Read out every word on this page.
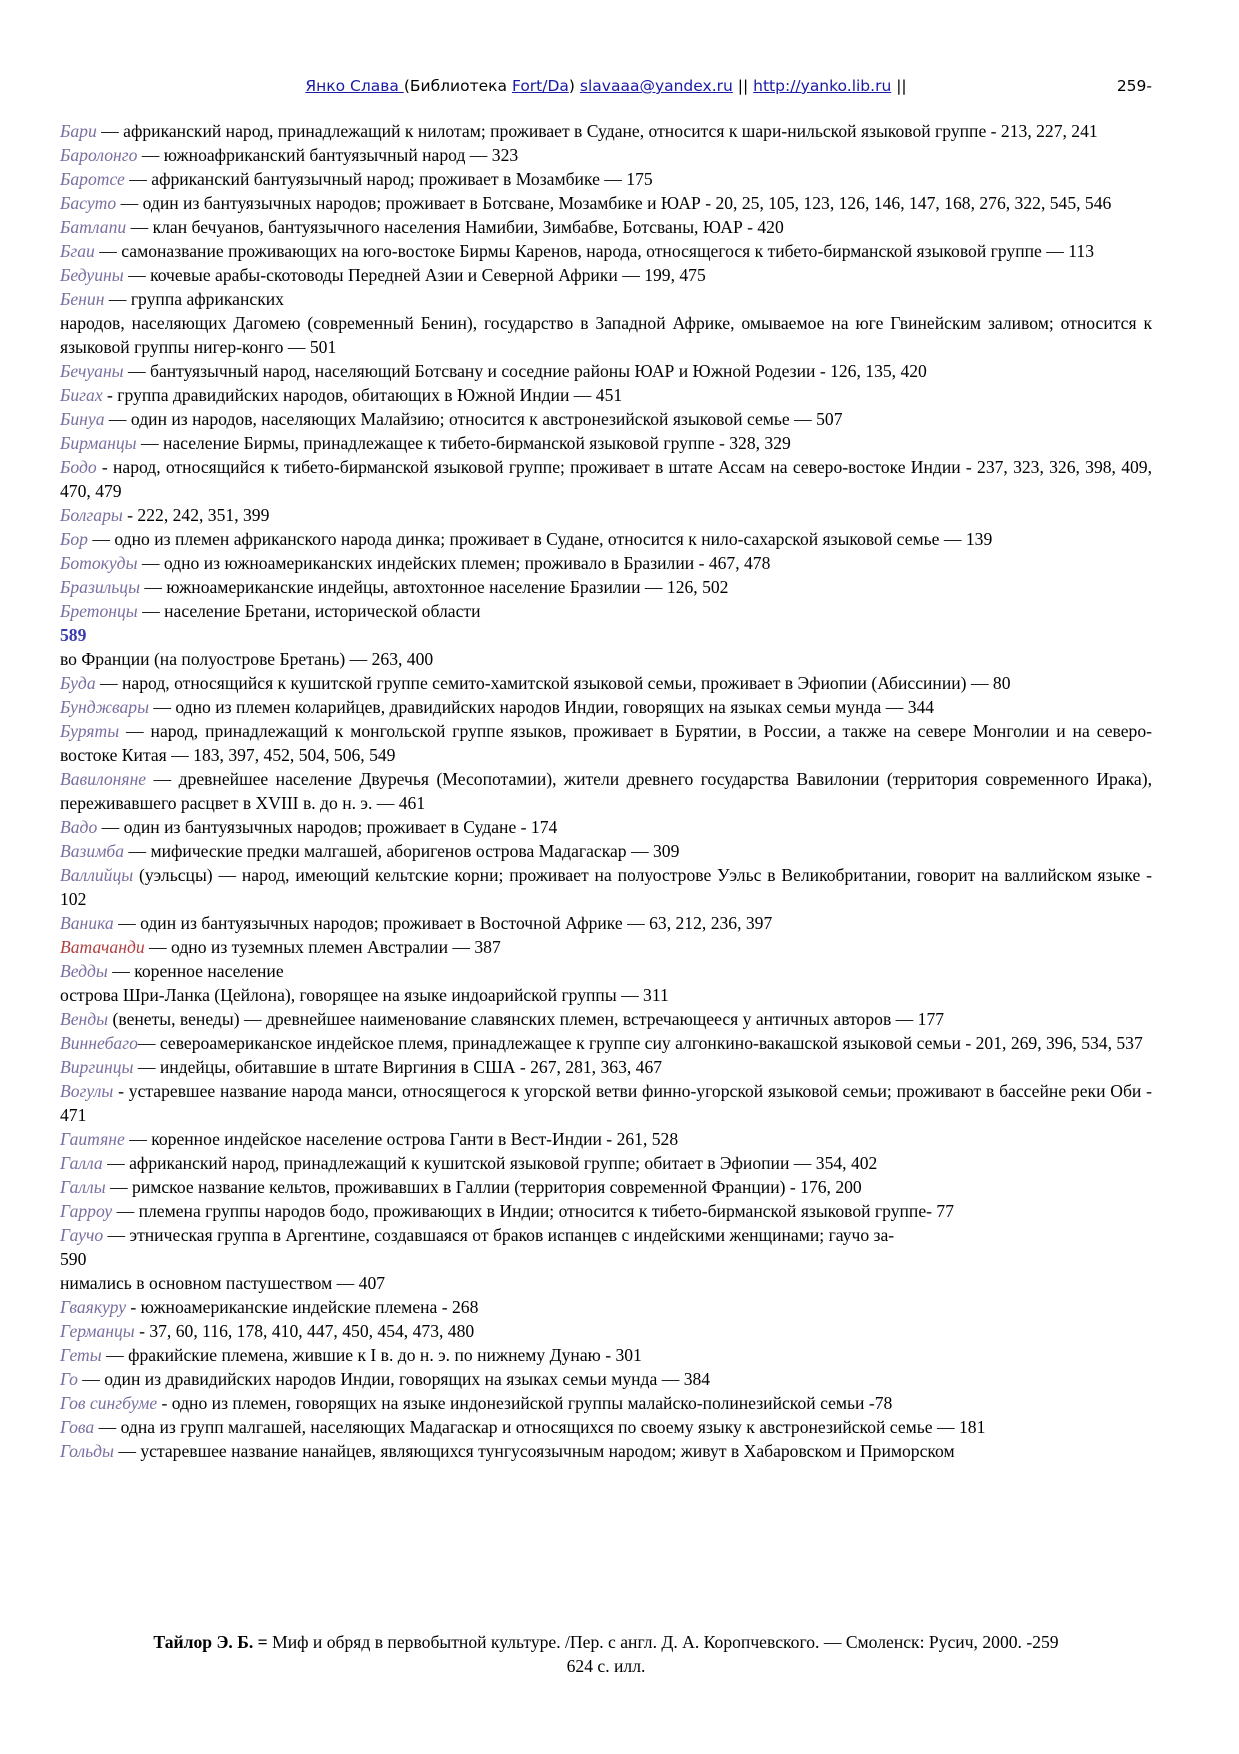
Янко Слава (Библиотека Fort/Da) slavaaa@yandex.ru || http://yanko.lib.ru ||	259-

Бари — африканский народ, принадлежащий к нилотам; проживает в Судане, относится к шари-нильской языковой группе - 213, 227, 241

Баролонго — южноафриканский бантуязычный народ — 323

Баротсе — африканский бантуязычный народ; проживает в Мозамбике — 175

Басуто — один из бантуязычных народов; проживает в Ботсване, Мозамбике и ЮАР - 20, 25, 105, 123, 126, 146, 147, 168, 276, 322, 545, 546

Батлапи — клан бечуанов, бантуязычного населения Намибии, Зимбабве, Ботсваны, ЮАР - 420

Бгаи — самоназвание проживающих на юго-востоке Бирмы Кaренов, народа, относящегося к тибето-бирманской языковой группе — 113

Бедуины — кочевые арабы-скотоводы Передней Азии и Северной Африки — 199, 475

Бенин — группа африканских

народов, населяющих Дагомею (современный Бенин), государство в Западной Африке, омываемое на юге Гвинейским заливом; относится к языковой группы нигер-конго — 501

Бечуаны — бантуязычный народ, населяющий Ботсвану и соседние районы ЮАР и Южной Родезии - 126, 135, 420

Бигах - группа дравидийских народов, обитающих в Южной Индии — 451

Бинуа — один из народов, населяющих Малайзию; относится к австронезийской языковой семье — 507

Бирманцы — население Бирмы, принадлежащее к тибето-бирманской языковой группе - 328, 329

Бодо - народ, относящийся к тибето-бирманской языковой группе; проживает в штате Ассам на северо-востоке Индии - 237, 323, 326, 398, 409, 470, 479

Болгары - 222, 242, 351, 399

Бор — одно из племен африканского народа динка; проживает в Судане, относится к нило-сахарской языковой семье — 139

Ботокуды — одно из южноамериканских индейских племен; проживало в Бразилии - 467, 478

Бразильцы — южноамериканские индейцы, автохтонное население Бразилии — 126, 502

Бретонцы — население Бретани, исторической области

589

во Франции (на полуострове Бретань) — 263, 400

Буда — народ, относящийся к кушитской группе семито-хамитской языковой семьи, проживает в Эфиопии (Абиссинии) — 80

Бунджвары — одно из племен коларийцев, дравидийских народов Индии, говорящих на языках семьи мунда — 344

Буряты — народ, принадлежащий к монгольской группе языков, проживает в Бурятии, в России, а также на севере Монголии и на северо-востоке Китая — 183, 397, 452, 504, 506, 549

Вавилоняне — древнейшее население Двуречья (Месопотамии), жители древнего государства Вавилонии (территория современного Ирака), переживавшего расцвет в XVIII в. до н. э. — 461

Вадо — один из бантуязычных народов; проживает в Судане - 174

Вазимба — мифические предки малгашей, аборигенов острова Мадагаскар — 309

Валлийцы (уэльсцы) — народ, имеющий кельтские корни; проживает на полуострове Уэльс в Великобритании, говорит на валлийском языке - 102

Ваника — один из бантуязычных народов; проживает в Восточной Африке — 63, 212, 236, 397

Ватачанди — одно из туземных племен Австралии — 387

Ведды — коренное население

острова Шри-Ланка (Цейлона), говорящее на языке индоарийской группы — 311

Венды (венеты, венеды) — древнейшее наименование славянских племен, встречающееся у античных авторов — 177

Виннебаго— североамериканское индейское племя, принадлежащее к группе сиу алгонкино-вакашской языковой семьи - 201, 269, 396, 534, 537

Виргинцы — индейцы, обитавшие в штате Виргиния в США - 267, 281, 363, 467

Вогулы - устаревшее название народа манси, относящегося к угорской ветви финно-угорской языковой семьи; проживают в бассейне реки Оби - 471

Гаитяне — коренное индейское население острова Ганти в Вест-Индии - 261, 528

Галла — африканский народ, принадлежащий к кушитской языковой группе; обитает в Эфиопии — 354, 402

Галлы — римское название кельтов, проживавших в Галлии (территория современной Франции) - 176, 200

Гарроу — племена группы народов бодо, проживающих в Индии; относится к тибето-бирманской языковой группе- 77

Гаучо — этническая группа в Аргентине, создавшаяся от браков испанцев с индейскими женщинами; гаучо за-

590

нимались в основном пастушеством — 407

Гваякуру - южноамериканские индейские племена - 268

Германцы - 37, 60, 116, 178, 410, 447, 450, 454, 473, 480

Геты — фракийские племена, жившие к I в. до н. э. по нижнему Дунаю - 301

Го — один из дравидийских народов Индии, говорящих на языках семьи мунда — 384

Гов сингбуме - одно из племен, говорящих на языке индонезийской группы малайско-полинезийской семьи -78

Гова — одна из групп малгашей, населяющих Мадагаскар и относящихся по своему языку к австронезийской семье — 181

Гольды — устаревшее название нанайцев, являющихся тунгусоязычным народом; живут в Хабаровском и Приморском

Тайлор Э. Б. = Миф и обряд в первобытной культуре. /Пер. с англ. Д. А. Коропчевского. — Смоленск: Русич, 2000. -259
624 с. илл.
